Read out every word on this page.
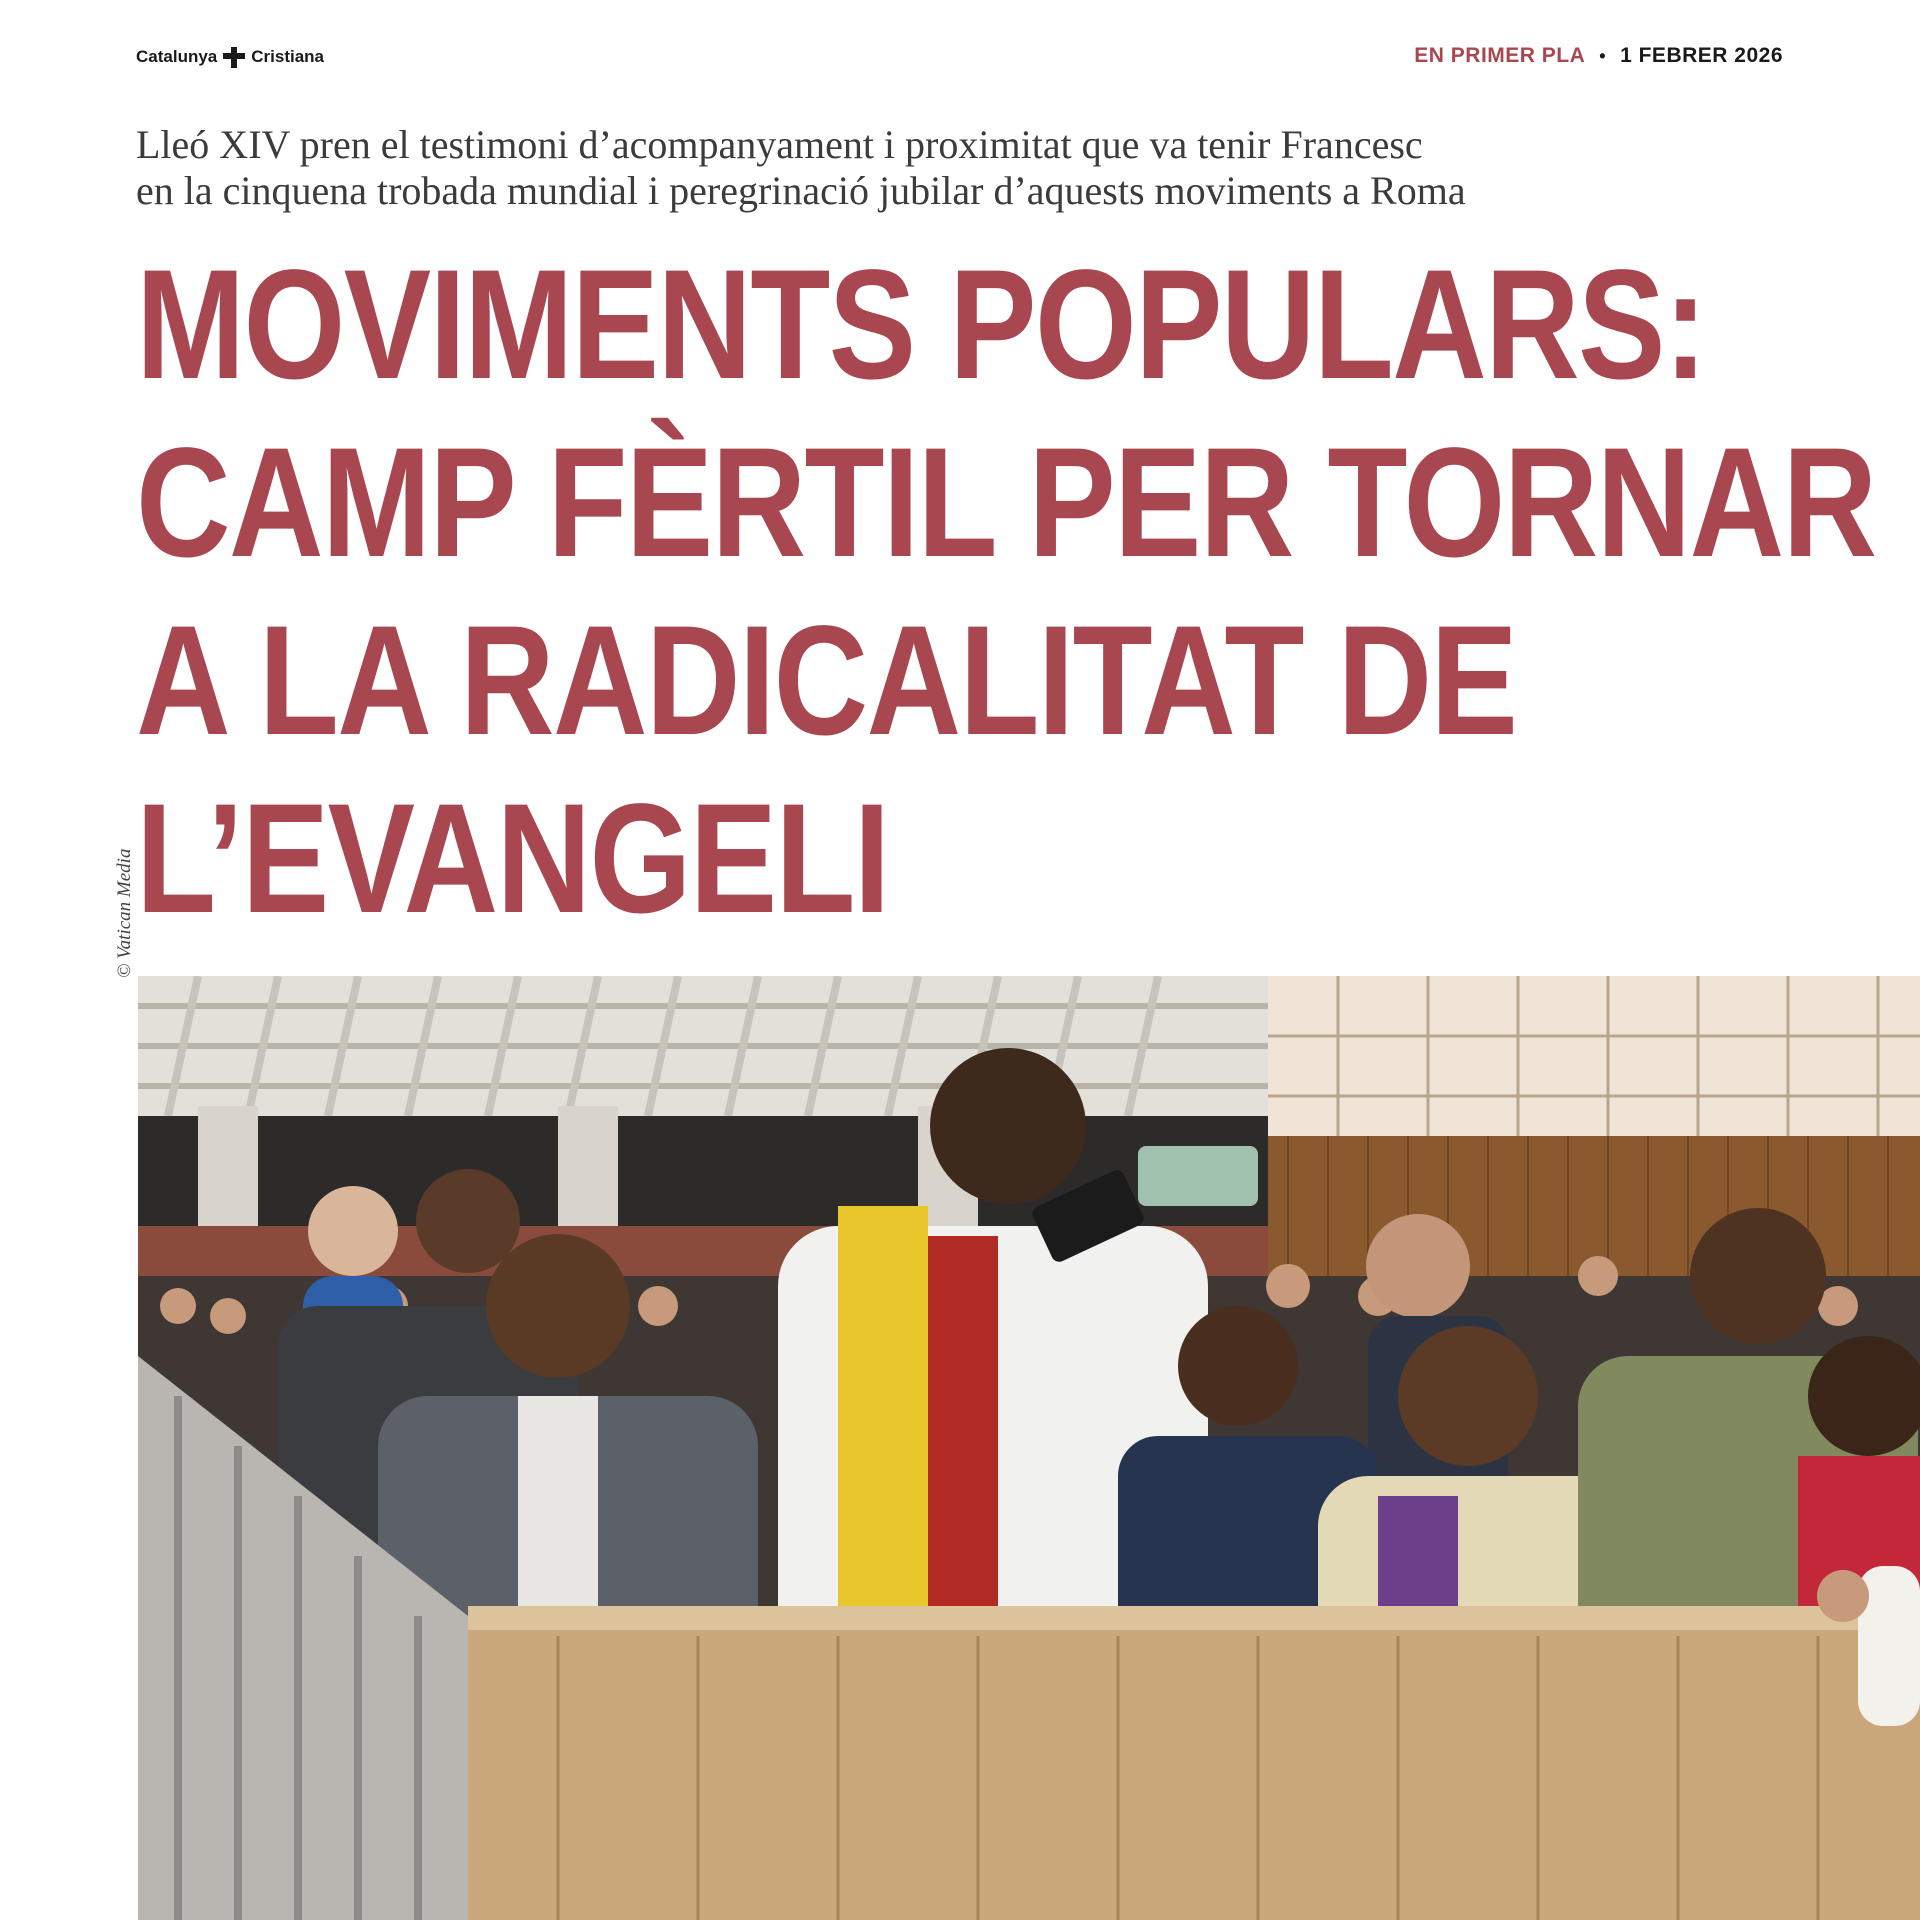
Catalunya Cristiana	EN PRIMER PLA • 1 FEBRER 2026
Lleó XIV pren el testimoni d’acompanyament i proximitat que va tenir Francesc
en la cinquena trobada mundial i peregrinació jubilar d’aquests moviments a Roma
MOVIMENTS POPULARS:
CAMP FÈRTIL PER TORNAR
A LA RADICALITAT DE
L’EVANGELI
© Vatican Media
